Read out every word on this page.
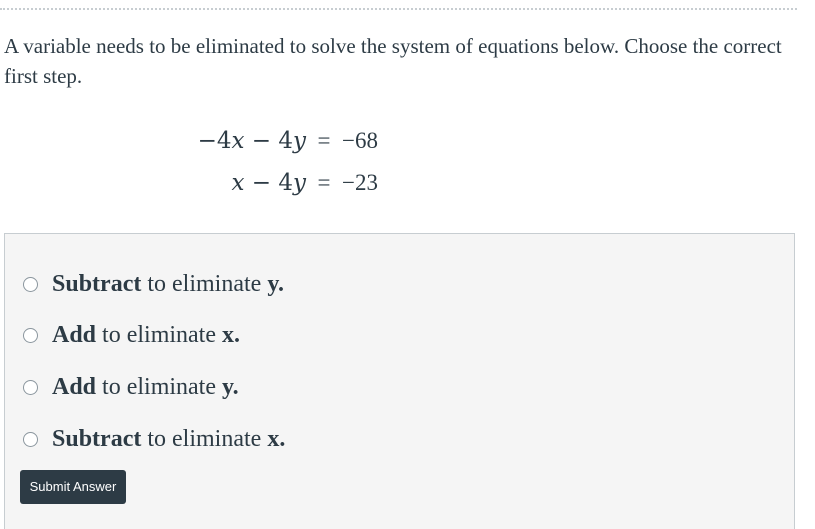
A variable needs to be eliminated to solve the system of equations below. Choose the correct first step.
−4x − 4y = −68
x − 4y = −23
Subtract to eliminate y.
Add to eliminate x.
Add to eliminate y.
Subtract to eliminate x.
Submit Answer
